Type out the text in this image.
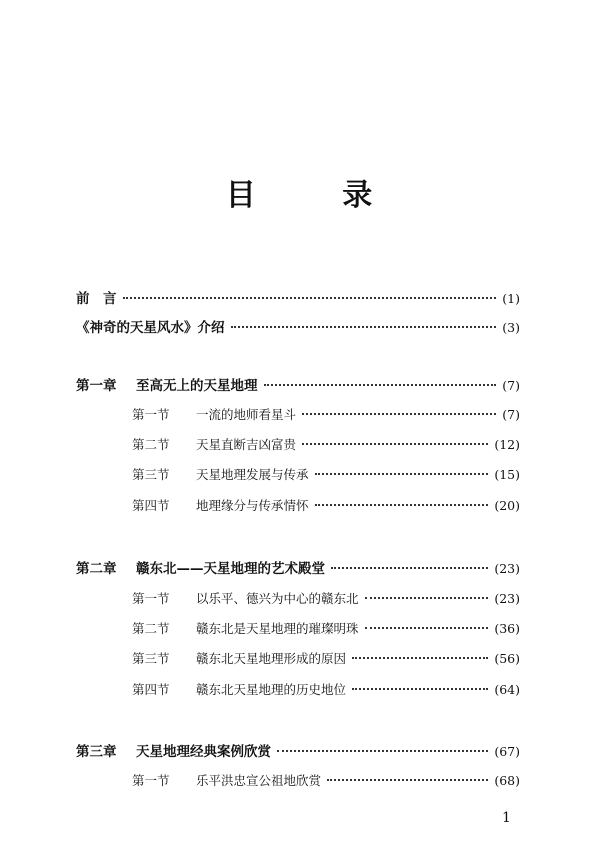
目 录
前　言	(1)
《神奇的天星风水》介绍	(3)
第一章 至高无上的天星地理	(7)
第一节 一流的地师看星斗	(7)
第二节 天星直断吉凶富贵	(12)
第三节 天星地理发展与传承	(15)
第四节 地理缘分与传承情怀	(20)
第二章 赣东北——天星地理的艺术殿堂	(23)
第一节 以乐平、德兴为中心的赣东北	(23)
第二节 赣东北是天星地理的璀璨明珠	(36)
第三节 赣东北天星地理形成的原因	(56)
第四节 赣东北天星地理的历史地位	(64)
第三章 天星地理经典案例欣赏	(67)
第一节 乐平洪忠宣公祖地欣赏	(68)
1
